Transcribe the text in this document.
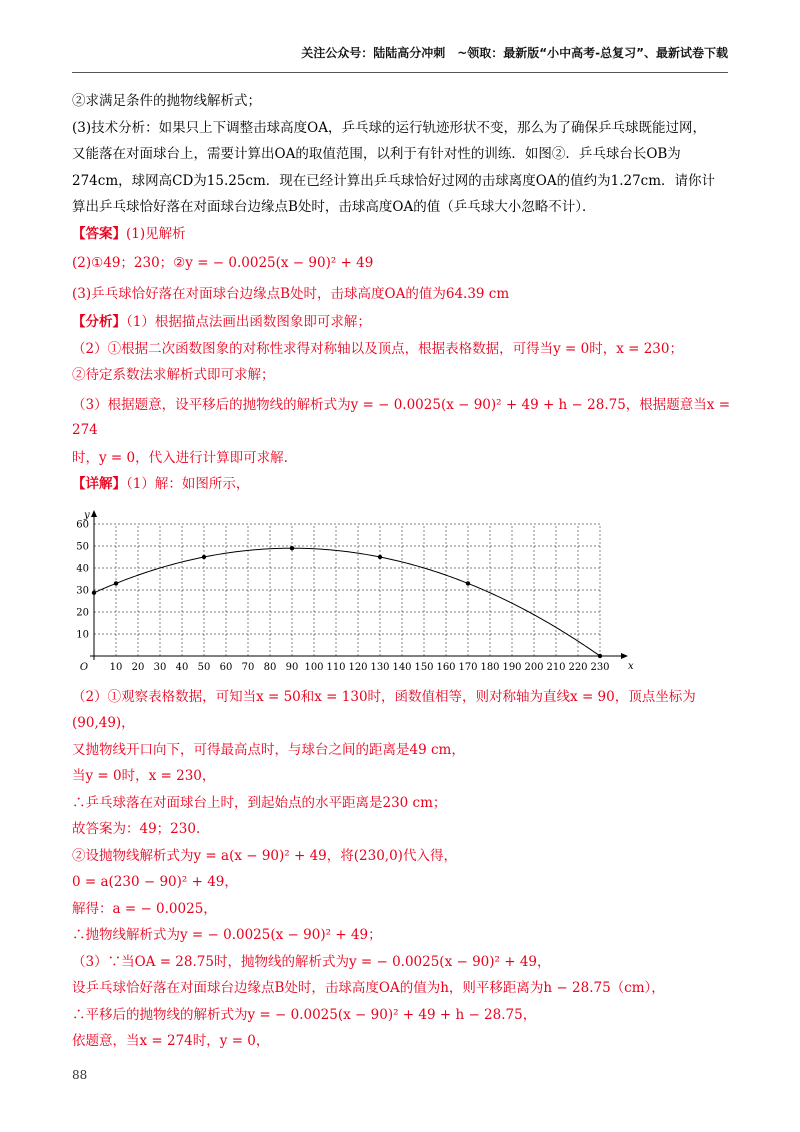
关注公众号：陆陆高分冲刺　~领取：最新版“小中高考-总复习”、最新试卷下载
②求满足条件的抛物线解析式；
(3)技术分析：如果只上下调整击球高度OA，乒乓球的运行轨迹形状不变，那么为了确保乒乓球既能过网，
又能落在对面球台上，需要计算出OA的取值范围，以利于有针对性的训练．如图②．乒乓球台长OB为
274cm，球网高CD为15.25cm．现在已经计算出乒乓球恰好过网的击球离度OA的值约为1.27cm．请你计
算出乒乓球恰好落在对面球台边缘点B处时，击球高度OA的值（乒乓球大小忽略不计）．
【答案】(1)见解析
(2)①49；230；②y = − 0.0025(x − 90)² + 49
(3)乒乓球恰好落在对面球台边缘点B处时，击球高度OA的值为64.39 cm
【分析】（1）根据描点法画出函数图象即可求解；
（2）①根据二次函数图象的对称性求得对称轴以及顶点，根据表格数据，可得当y = 0时，x = 230；
②待定系数法求解析式即可求解；
（3）根据题意，设平移后的抛物线的解析式为y = − 0.0025(x − 90)² + 49 + h − 28.75，根据题意当x = 274
时，y = 0，代入进行计算即可求解.
【详解】（1）解：如图所示，
10 20 30 40 50 60 70 80 90 100 110 120 130 140 150 160 170 180 190 200 210 220 230
10
20
30
40
50
60
O	x
y
（2）①观察表格数据，可知当x = 50和x = 130时，函数值相等，则对称轴为直线x = 90，顶点坐标为
(90,49)，
又抛物线开口向下，可得最高点时，与球台之间的距离是49 cm，
当y = 0时，x = 230，
∴乒乓球落在对面球台上时，到起始点的水平距离是230 cm；
故答案为：49；230.
②设抛物线解析式为y = a(x − 90)² + 49，将(230,0)代入得，
0 = a(230 − 90)² + 49，
解得：a = − 0.0025，
∴抛物线解析式为y = − 0.0025(x − 90)² + 49；
（3）∵当OA = 28.75时，抛物线的解析式为y = − 0.0025(x − 90)² + 49，
设乒乓球恰好落在对面球台边缘点B处时，击球高度OA的值为h，则平移距离为h − 28.75（cm），
∴平移后的抛物线的解析式为y = − 0.0025(x − 90)² + 49 + h − 28.75，
依题意，当x = 274时，y = 0，
88
